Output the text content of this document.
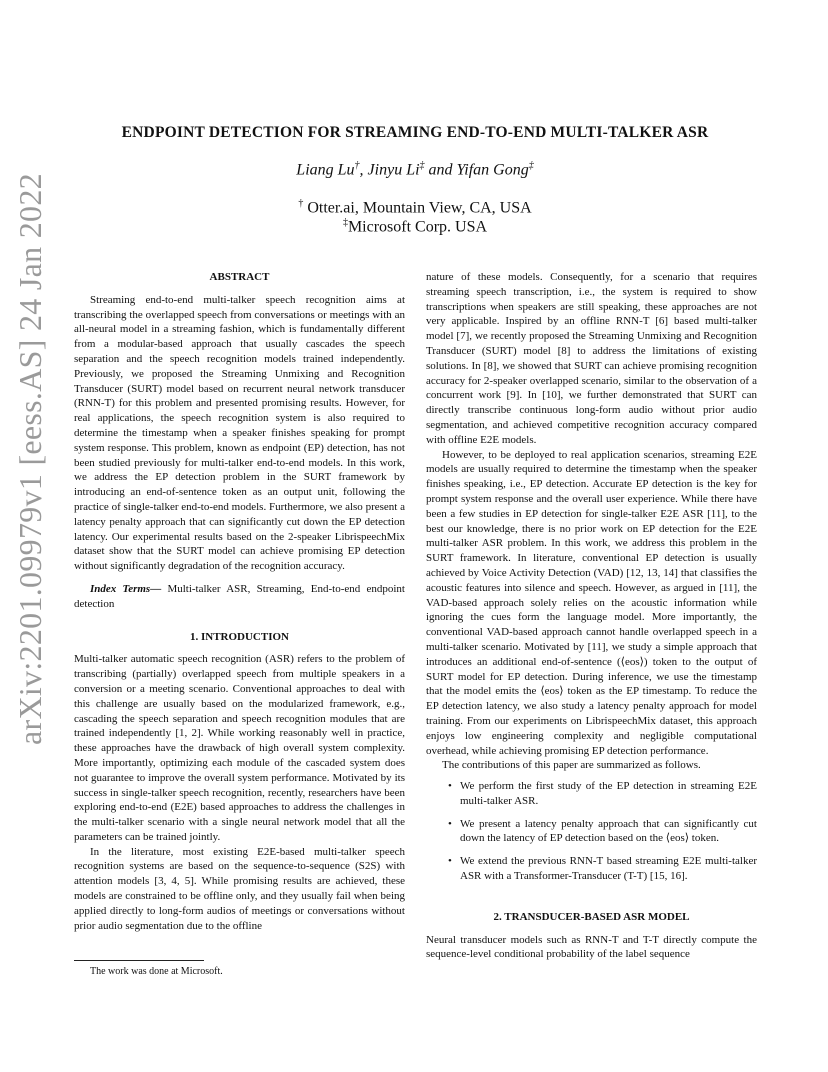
arXiv:2201.09979v1 [eess.AS] 24 Jan 2022
ENDPOINT DETECTION FOR STREAMING END-TO-END MULTI-TALKER ASR
Liang Lu†, Jinyu Li‡ and Yifan Gong‡
† Otter.ai, Mountain View, CA, USA
‡Microsoft Corp. USA

ABSTRACT

Streaming end-to-end multi-talker speech recognition aims at transcribing the overlapped speech from conversations or meetings with an all-neural model in a streaming fashion, which is fundamentally different from a modular-based approach that usually cascades the speech separation and the speech recognition models trained independently. Previously, we proposed the Streaming Unmixing and Recognition Transducer (SURT) model based on recurrent neural network transducer (RNN-T) for this problem and presented promising results. However, for real applications, the speech recognition system is also required to determine the timestamp when a speaker finishes speaking for prompt system response. This problem, known as endpoint (EP) detection, has not been studied previously for multi-talker end-to-end models. In this work, we address the EP detection problem in the SURT framework by introducing an end-of-sentence token as an output unit, following the practice of single-talker end-to-end models. Furthermore, we also present a latency penalty approach that can significantly cut down the EP detection latency. Our experimental results based on the 2-speaker LibrispeechMix dataset show that the SURT model can achieve promising EP detection without significantly degradation of the recognition accuracy.

Index Terms— Multi-talker ASR, Streaming, End-to-end endpoint detection

1. INTRODUCTION

Multi-talker automatic speech recognition (ASR) refers to the problem of transcribing (partially) overlapped speech from multiple speakers in a conversion or a meeting scenario. Conventional approaches to deal with this challenge are usually based on the modularized framework, e.g., cascading the speech separation and speech recognition modules that are trained independently [1, 2]. While working reasonably well in practice, these approaches have the drawback of high overall system complexity. More importantly, optimizing each module of the cascaded system does not guarantee to improve the overall system performance. Motivated by its success in single-talker speech recognition, recently, researchers have been exploring end-to-end (E2E) based approaches to address the challenges in the multi-talker scenario with a single neural network model that all the parameters can be trained jointly.

In the literature, most existing E2E-based multi-talker speech recognition systems are based on the sequence-to-sequence (S2S) with attention models [3, 4, 5]. While promising results are achieved, these models are constrained to be offline only, and they usually fail when being applied directly to long-form audios of meetings or conversations without prior audio segmentation due to the offline

The work was done at Microsoft.

nature of these models. Consequently, for a scenario that requires streaming speech transcription, i.e., the system is required to show transcriptions when speakers are still speaking, these approaches are not very applicable. Inspired by an offline RNN-T [6] based multi-talker model [7], we recently proposed the Streaming Unmixing and Recognition Transducer (SURT) model [8] to address the limitations of existing solutions. In [8], we showed that SURT can achieve promising recognition accuracy for 2-speaker overlapped scenario, similar to the observation of a concurrent work [9]. In [10], we further demonstrated that SURT can directly transcribe continuous long-form audio without prior audio segmentation, and achieved competitive recognition accuracy compared with offline E2E models.

However, to be deployed to real application scenarios, streaming E2E models are usually required to determine the timestamp when the speaker finishes speaking, i.e., EP detection. Accurate EP detection is the key for prompt system response and the overall user experience. While there have been a few studies in EP detection for single-talker E2E ASR [11], to the best our knowledge, there is no prior work on EP detection for the E2E multi-talker ASR problem. In this work, we address this problem in the SURT framework. In literature, conventional EP detection is usually achieved by Voice Activity Detection (VAD) [12, 13, 14] that classifies the acoustic features into silence and speech. However, as argued in [11], the VAD-based approach solely relies on the acoustic information while ignoring the cues form the language model. More importantly, the conventional VAD-based approach cannot handle overlapped speech in a multi-talker scenario. Motivated by [11], we study a simple approach that introduces an additional end-of-sentence (⟨eos⟩) token to the output of SURT model for EP detection. During inference, we use the timestamp that the model emits the ⟨eos⟩ token as the EP timestamp. To reduce the EP detection latency, we also study a latency penalty approach for model training. From our experiments on LibrispeechMix dataset, this approach enjoys low engineering complexity and negligible computational overhead, while achieving promising EP detection performance.

The contributions of this paper are summarized as follows.

• We perform the first study of the EP detection in streaming E2E multi-talker ASR.
• We present a latency penalty approach that can significantly cut down the latency of EP detection based on the ⟨eos⟩ token.
• We extend the previous RNN-T based streaming E2E multi-talker ASR with a Transformer-Transducer (T-T) [15, 16].

2. TRANSDUCER-BASED ASR MODEL

Neural transducer models such as RNN-T and T-T directly compute the sequence-level conditional probability of the label sequence
